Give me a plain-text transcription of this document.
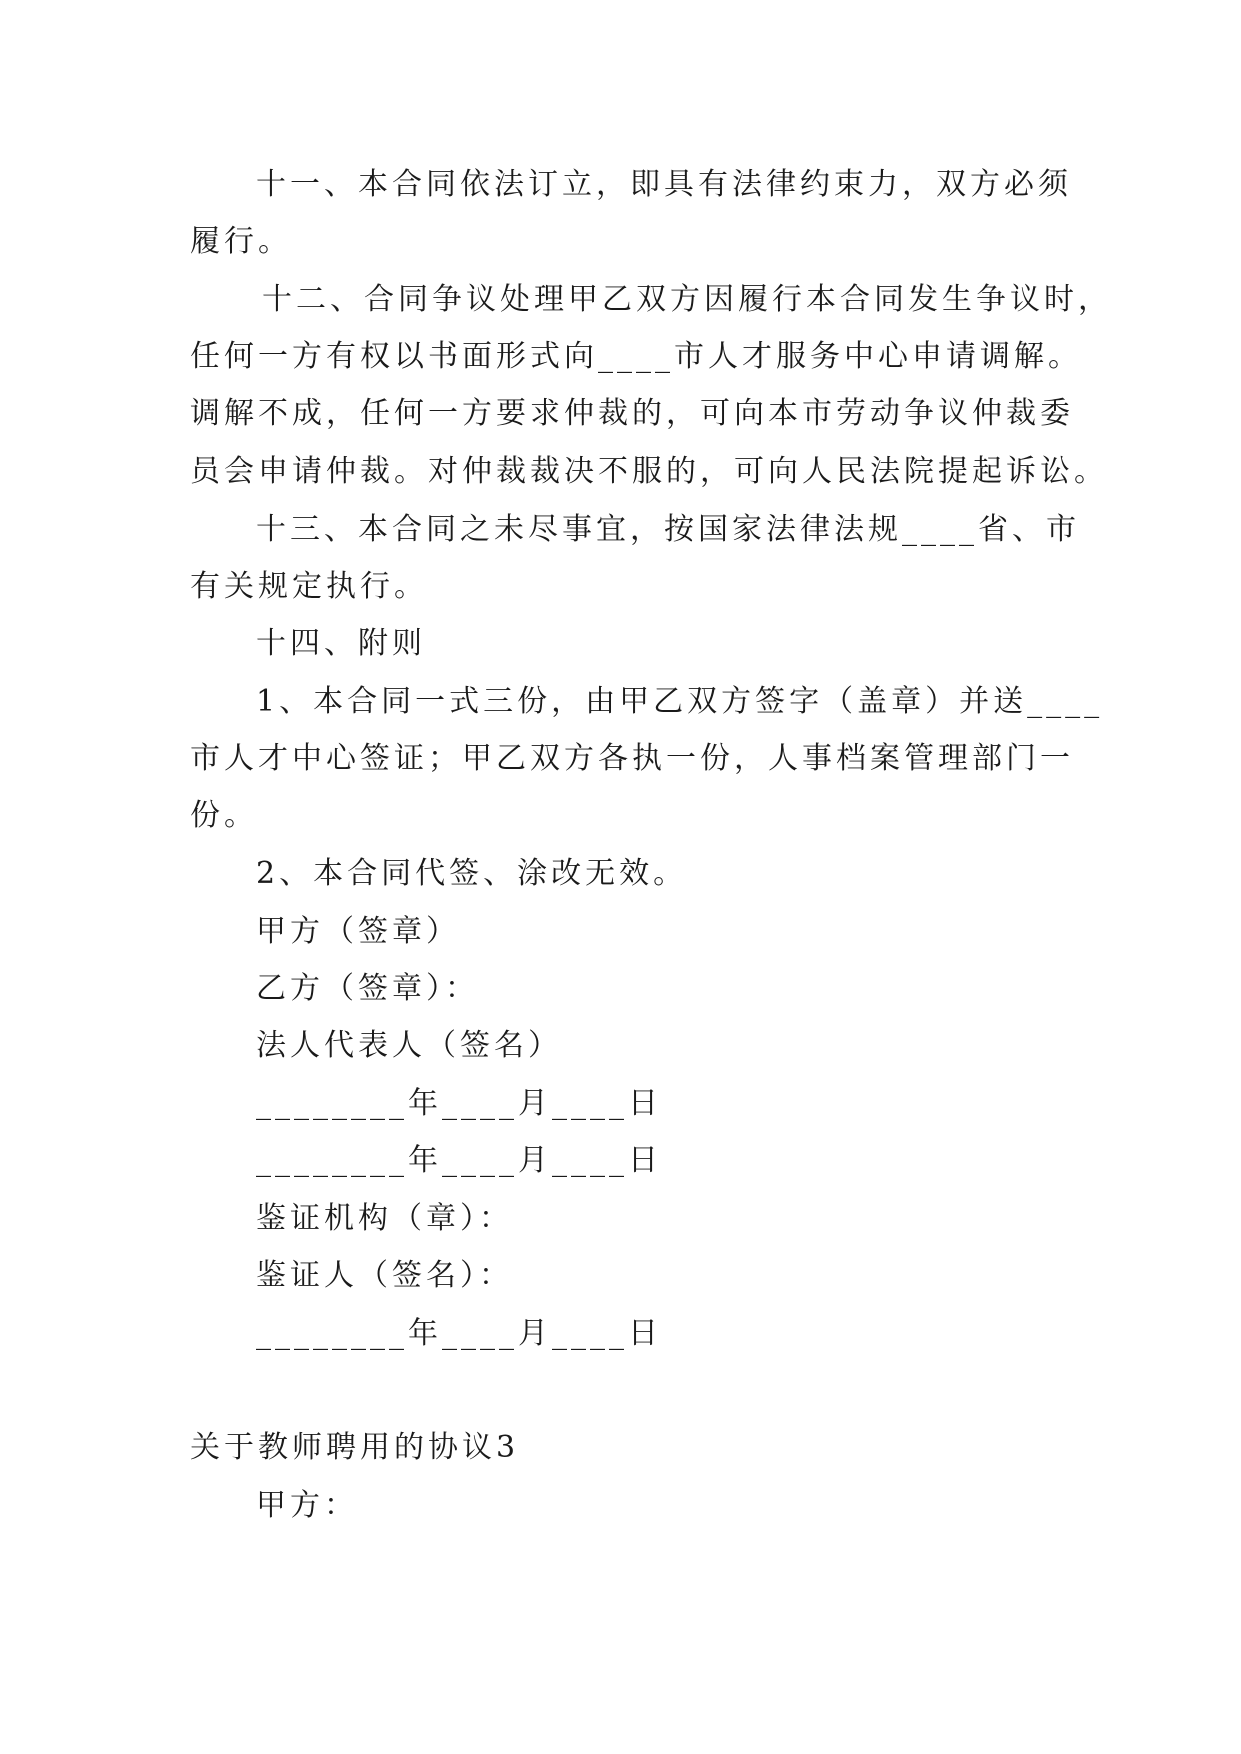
十一、本合同依法订立，即具有法律约束力，双方必须
履行。
十二、合同争议处理甲乙双方因履行本合同发生争议时，
任何一方有权以书面形式向____市人才服务中心申请调解。
调解不成，任何一方要求仲裁的，可向本市劳动争议仲裁委
员会申请仲裁。对仲裁裁决不服的，可向人民法院提起诉讼。
十三、本合同之未尽事宜，按国家法律法规____省、市
有关规定执行。
十四、附则
1、本合同一式三份，由甲乙双方签字（盖章）并送____
市人才中心签证；甲乙双方各执一份，人事档案管理部门一
份。
2、本合同代签、涂改无效。
甲方（签章）
乙方（签章）：
法人代表人（签名）
________年____月____日
________年____月____日
鉴证机构（章）：
鉴证人（签名）：
________年____月____日
关于教师聘用的协议3
甲方：
